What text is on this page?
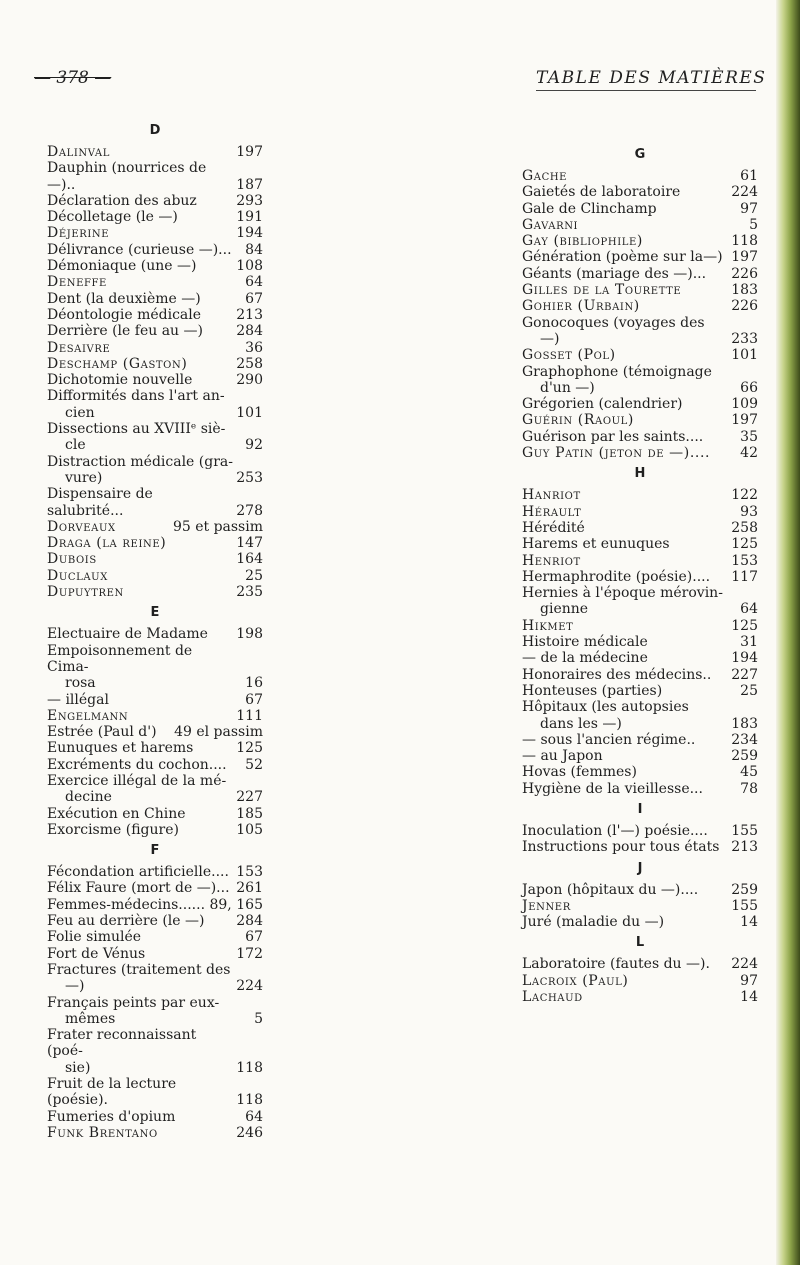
— 378 —	TABLE DES MATIÈRES
D
Dalinval	197
Dauphin (nourrices de —)..	187
Déclaration des abuz	293
Décolletage (le —)	191
Déjerine	194
Délivrance (curieuse —)... 84
Démoniaque (une —)	108
Deneffe	64
Dent (la deuxième —)	67
Déontologie médicale	213
Derrière (le feu au —)	284
Desaivre	36
Deschamp (Gaston)	258
Dichotomie nouvelle	290
Difformités dans l'art an-
cien	101
Dissections au XVIIIᵉ siè-
cle	92
Distraction médicale (gra-
vure)	253
Dispensaire de salubrité...	278
Dorveaux	95 et passim
Draga (la reine)	147
Dubois	164
Duclaux	25
Dupuytren	235
E
Electuaire de Madame	198
Empoisonnement de Cima-
rosa	16
— illégal	67
Engelmann	111
Estrée (Paul d')	49 el passim
Eunuques et harems	125
Excréments du cochon....	52
Exercice illégal de la mé-
decine	227
Exécution en Chine	185
Exorcisme (figure)	105
F
Fécondation artificielle.... 153
Félix Faure (mort de —)... 261
Femmes-médecins...... 89, 165
Feu au derrière (le —)	284
Folie simulée	67
Fort de Vénus	172
Fractures (traitement des
—)	224
Français peints par eux-
mêmes	5
Frater reconnaissant (poé-
sie)	118
Fruit de la lecture (poésie).	118
Fumeries d'opium	64
Funk Brentano	246
G
Gache	61
Gaietés de laboratoire	224
Gale de Clinchamp	97
Gavarni	5
Gay (bibliophile)	118
Génération (poème sur la—) 197
Géants (mariage des —)...	226
Gilles de la Tourette	183
Gohier (Urbain)	226
Gonocoques (voyages des
—)	233
Gosset (Pol)	101
Graphophone (témoignage
d'un —)	66
Grégorien (calendrier)	109
Guérin (Raoul)	197
Guérison par les saints....	35
Guy Patin (jeton de —)....	42
H
Hanriot	122
Hérault	93
Hérédité	258
Harems et eunuques	125
Henriot	153
Hermaphrodite (poésie)....	117
Hernies à l'époque mérovin-
gienne	64
Hikmet	125
Histoire médicale	31
— de la médecine	194
Honoraires des médecins..	227
Honteuses (parties)	25
Hôpitaux (les autopsies
dans les —)	183
— sous l'ancien régime..	234
— au Japon	259
Hovas (femmes)	45
Hygiène de la vieillesse...	78
I
Inoculation (l'—) poésie....	155
Instructions pour tous états 213
J
Japon (hôpitaux du —)....	259
Jenner	155
Juré (maladie du —)	14
L
Laboratoire (fautes du —).	224
Lacroix (Paul)	97
Lachaud	14
